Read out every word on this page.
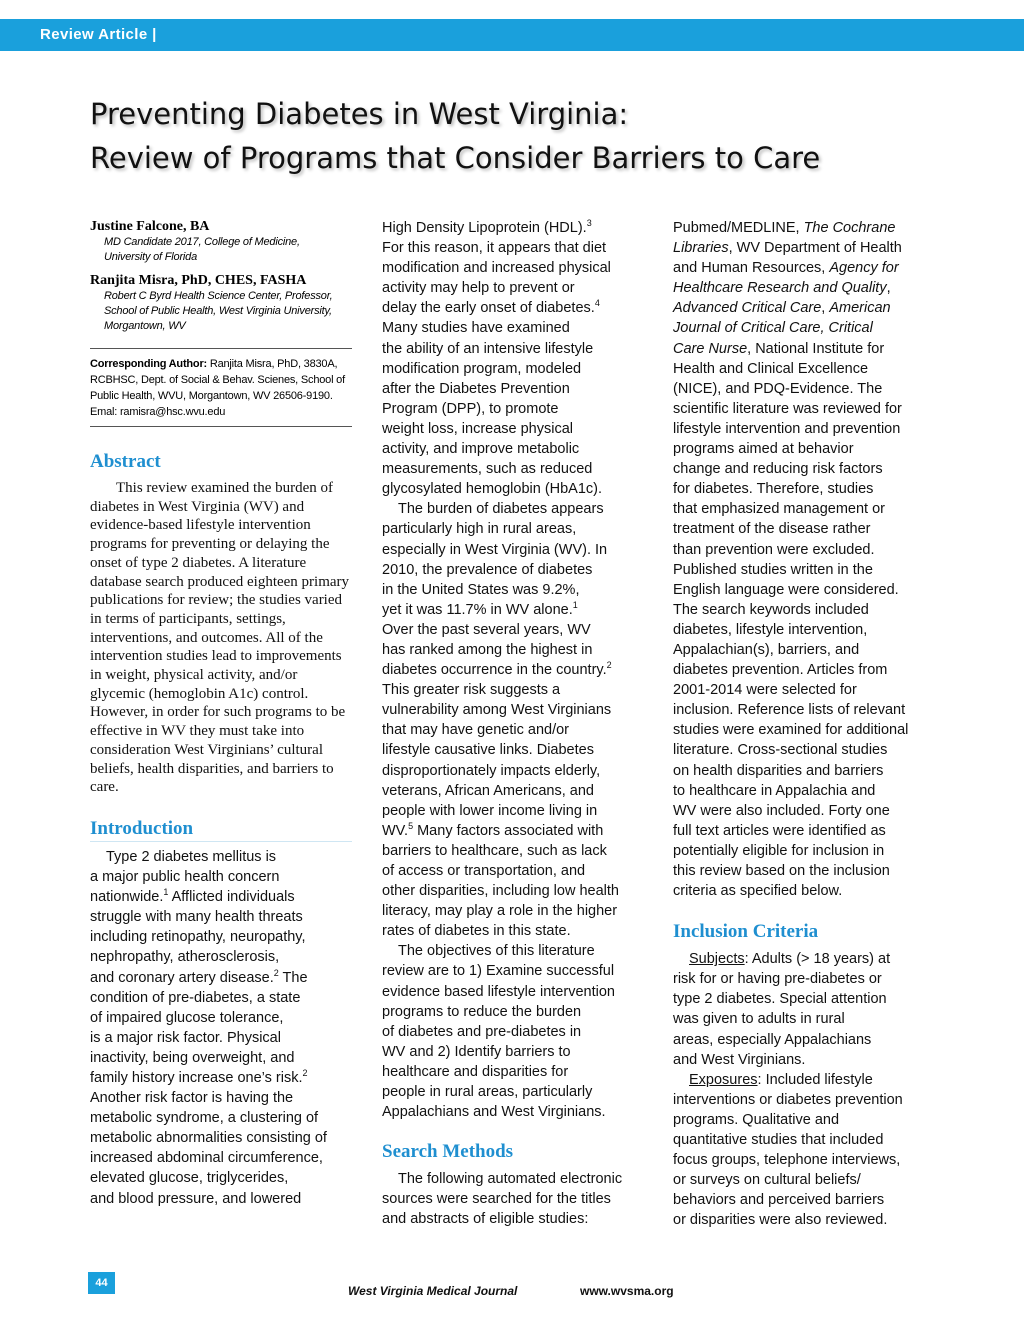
Review Article |
Preventing Diabetes in West Virginia:
Review of Programs that Consider Barriers to Care
Justine Falcone, BA
MD Candidate 2017, College of Medicine,
University of Florida
Ranjita Misra, PhD, CHES, FASHA
Robert C Byrd Health Science Center, Professor,
School of Public Health, West Virginia University,
Morgantown, WV
Corresponding Author: Ranjita Misra, PhD, 3830A,
RCBHSC, Dept. of Social & Behav. Scienes, School of
Public Health, WVU, Morgantown, WV 26506-9190.
Emal: ramisra@hsc.wvu.edu
Abstract

This review examined the burden of diabetes in West Virginia (WV) and evidence-based lifestyle intervention programs for preventing or delaying the onset of type 2 diabetes. A literature database search produced eighteen primary publications for review; the studies varied in terms of participants, settings, interventions, and outcomes. All of the intervention studies lead to improvements in weight, physical activity, and/or glycemic (hemoglobin A1c) control. However, in order for such programs to be effective in WV they must take into consideration West Virginians’ cultural beliefs, health disparities, and barriers to care.

Introduction

Type 2 diabetes mellitus is
a major public health concern
nationwide.$^1$ Afflicted individuals
struggle with many health threats
including retinopathy, neuropathy,
nephropathy, atherosclerosis,
and coronary artery disease.$^2$ The
condition of pre-diabetes, a state
of impaired glucose tolerance,
is a major risk factor. Physical
inactivity, being overweight, and
family history increase one’s risk.$^2$
Another risk factor is having the
metabolic syndrome, a clustering of
metabolic abnormalities consisting of
increased abdominal circumference,
elevated glucose, triglycerides,
and blood pressure, and lowered

High Density Lipoprotein (HDL).$^3$
For this reason, it appears that diet
modification and increased physical
activity may help to prevent or
delay the early onset of diabetes.$^4$
Many studies have examined
the ability of an intensive lifestyle
modification program, modeled
after the Diabetes Prevention
Program (DPP), to promote
weight loss, increase physical
activity, and improve metabolic
measurements, such as reduced
glycosylated hemoglobin (HbA1c).

The burden of diabetes appears
particularly high in rural areas,
especially in West Virginia (WV). In
2010, the prevalence of diabetes
in the United States was 9.2%,
yet it was 11.7% in WV alone.$^1$
Over the past several years, WV
has ranked among the highest in
diabetes occurrence in the country.$^2$
This greater risk suggests a
vulnerability among West Virginians
that may have genetic and/or
lifestyle causative links. Diabetes
disproportionately impacts elderly,
veterans, African Americans, and
people with lower income living in
WV.$^5$ Many factors associated with
barriers to healthcare, such as lack
of access or transportation, and
other disparities, including low health
literacy, may play a role in the higher
rates of diabetes in this state.

The objectives of this literature
review are to 1) Examine successful
evidence based lifestyle intervention
programs to reduce the burden
of diabetes and pre-diabetes in
WV and 2) Identify barriers to
healthcare and disparities for
people in rural areas, particularly
Appalachians and West Virginians.

Search Methods

The following automated electronic
sources were searched for the titles
and abstracts of eligible studies:

Pubmed/MEDLINE, The Cochrane
Libraries, WV Department of Health
and Human Resources, Agency for
Healthcare Research and Quality,
Advanced Critical Care, American
Journal of Critical Care, Critical
Care Nurse, National Institute for
Health and Clinical Excellence
(NICE), and PDQ-Evidence. The
scientific literature was reviewed for
lifestyle intervention and prevention
programs aimed at behavior
change and reducing risk factors
for diabetes. Therefore, studies
that emphasized management or
treatment of the disease rather
than prevention were excluded.
Published studies written in the
English language were considered.
The search keywords included
diabetes, lifestyle intervention,
Appalachian(s), barriers, and
diabetes prevention. Articles from
2001-2014 were selected for
inclusion. Reference lists of relevant
studies were examined for additional
literature. Cross-sectional studies
on health disparities and barriers
to healthcare in Appalachia and
WV were also included. Forty one
full text articles were identified as
potentially eligible for inclusion in
this review based on the inclusion
criteria as specified below.

Inclusion Criteria

Subjects: Adults (> 18 years) at
risk for or having pre-diabetes or
type 2 diabetes. Special attention
was given to adults in rural
areas, especially Appalachians
and West Virginians.

Exposures: Included lifestyle
interventions or diabetes prevention
programs. Qualitative and
quantitative studies that included
focus groups, telephone interviews,
or surveys on cultural beliefs/
behaviors and perceived barriers
or disparities were also reviewed.

44
West Virginia Medical Journal	www.wvsma.org
